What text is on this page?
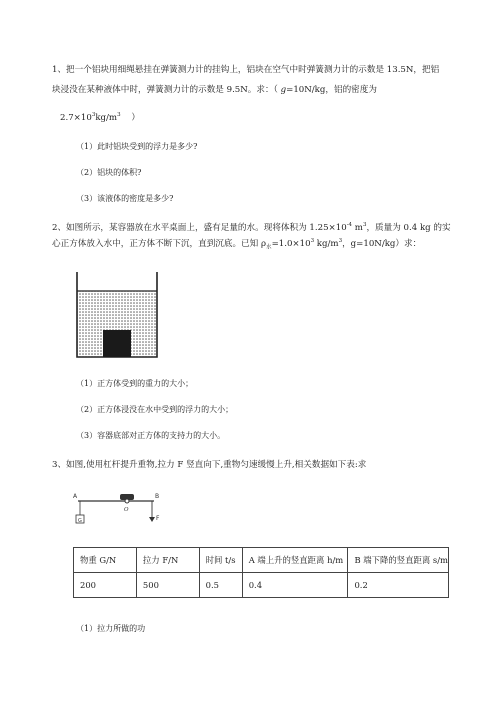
1、把一个铝块用细绳悬挂在弹簧测力计的挂钩上，铝块在空气中时弹簧测力计的示数是 13.5N，把铝
块浸没在某种液体中时，弹簧测力计的示数是 9.5N。求：（ g=10N/kg，铝的密度为
$2.7\times 10^3kg/m^3$ ）
（1）此时铝块受到的浮力是多少?
（2）铝块的体积?
（3）该液体的密度是多少?
2、如图所示，某容器放在水平桌面上，盛有足量的水。现将体积为 $1.25\times 10^{-4}$ $m^3$，质量为 0.4 kg 的实
心正方体放入水中，正方体不断下沉，直到沉底。已知 $\rho_水=1.0\times 10^3$ $kg/m^3$，g=10N/kg）求：
（1）正方体受到的重力的大小；
（2）正方体浸没在水中受到的浮力的大小；
（3）容器底部对正方体的支持力的大小。
3、如图,使用杠杆提升重物,拉力 F 竖直向下,重物匀速缓慢上升,相关数据如下表:求
A	B
O
F
G
物重 G/N	拉力 F/N	时间 t/s	A 端上升的竖直距离 h/m	B 端下降的竖直距离 s/m
200	500	0.5	0.4	0.2
（1）拉力所做的功
